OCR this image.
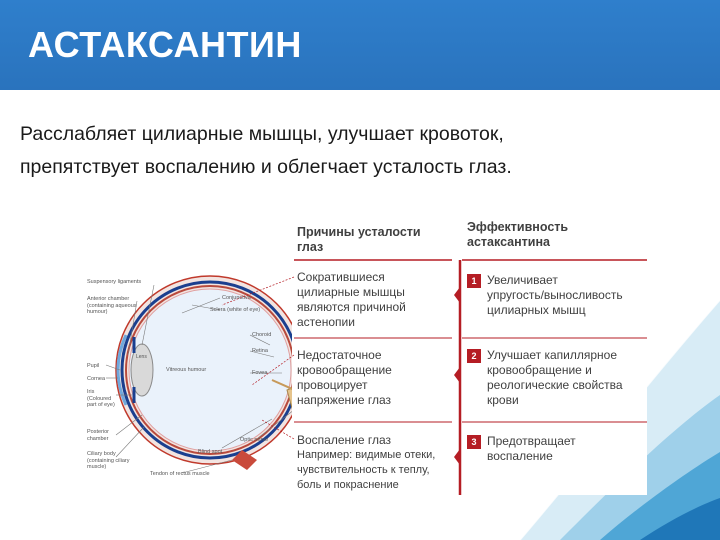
АСТАКСАНТИН
Расслабляет цилиарные мышцы, улучшает кровоток,
препятствует воспалению и облегчает усталость глаз.
Suspensory ligaments
Anterior chamber
(containing aqueous
humour)
Pupil
Cornea
Iris
(Coloured
part of eye)
Posterior
chamber
Ciliary body
(containing ciliary
muscle)
Conjunctiva
Sclera (white of eye)
Choroid
Retina
Fovea
Vitreous humour
Lens
Optic nerve
Blind spot
Tendon of rectus muscle
Причины усталости
глаз
Эффективность
астаксантина
Сократившиеся
цилиарные мышцы
являются причиной
астенопии
Недостаточное
кровообращение
провоцирует
напряжение глаз
Воспаление глаз
Например: видимые отеки,
чувствительность к теплу,
боль и покраснение
1 Увеличивает
упругость/выносливость
цилиарных мышц
2 Улучшает капиллярное
кровообращение и
реологические свойства
крови
3 Предотвращает
воспаление
